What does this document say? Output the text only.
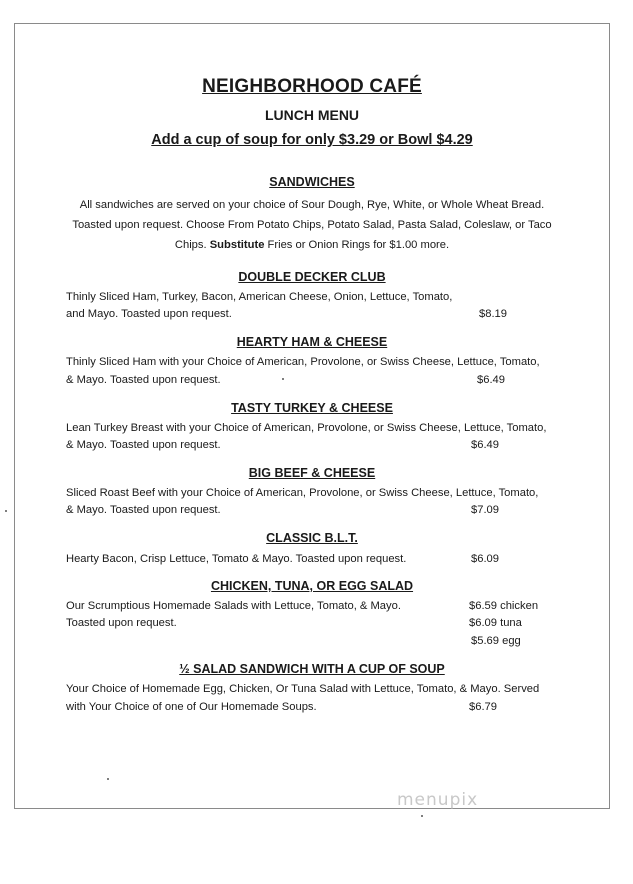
NEIGHBORHOOD CAFÉ
LUNCH MENU
Add a cup of soup for only $3.29 or Bowl $4.29
SANDWICHES
All sandwiches are served on your choice of Sour Dough, Rye, White, or Whole Wheat Bread.
Toasted upon request. Choose From Potato Chips, Potato Salad, Pasta Salad, Coleslaw, or Taco
Chips. Substitute Fries or Onion Rings for $1.00 more.
DOUBLE DECKER CLUB
Thinly Sliced Ham, Turkey, Bacon, American Cheese, Onion, Lettuce, Tomato,
and Mayo. Toasted upon request.	$8.19
HEARTY HAM & CHEESE
Thinly Sliced Ham with your Choice of American, Provolone, or Swiss Cheese, Lettuce, Tomato,
& Mayo. Toasted upon request.	$6.49
TASTY TURKEY & CHEESE
Lean Turkey Breast with your Choice of American, Provolone, or Swiss Cheese, Lettuce, Tomato,
& Mayo. Toasted upon request.	$6.49
BIG BEEF & CHEESE
Sliced Roast Beef with your Choice of American, Provolone, or Swiss Cheese, Lettuce, Tomato,
& Mayo. Toasted upon request.	$7.09
CLASSIC B.L.T.
Hearty Bacon, Crisp Lettuce, Tomato & Mayo. Toasted upon request.	$6.09
CHICKEN, TUNA, OR EGG SALAD
Our Scrumptious Homemade Salads with Lettuce, Tomato, & Mayo.
Toasted upon request.
$6.59 chicken
$6.09 tuna
$5.69 egg
½ SALAD SANDWICH WITH A CUP OF SOUP
Your Choice of Homemade Egg, Chicken, Or Tuna Salad with Lettuce, Tomato, & Mayo. Served
with Your Choice of one of Our Homemade Soups.	$6.79
menupix
